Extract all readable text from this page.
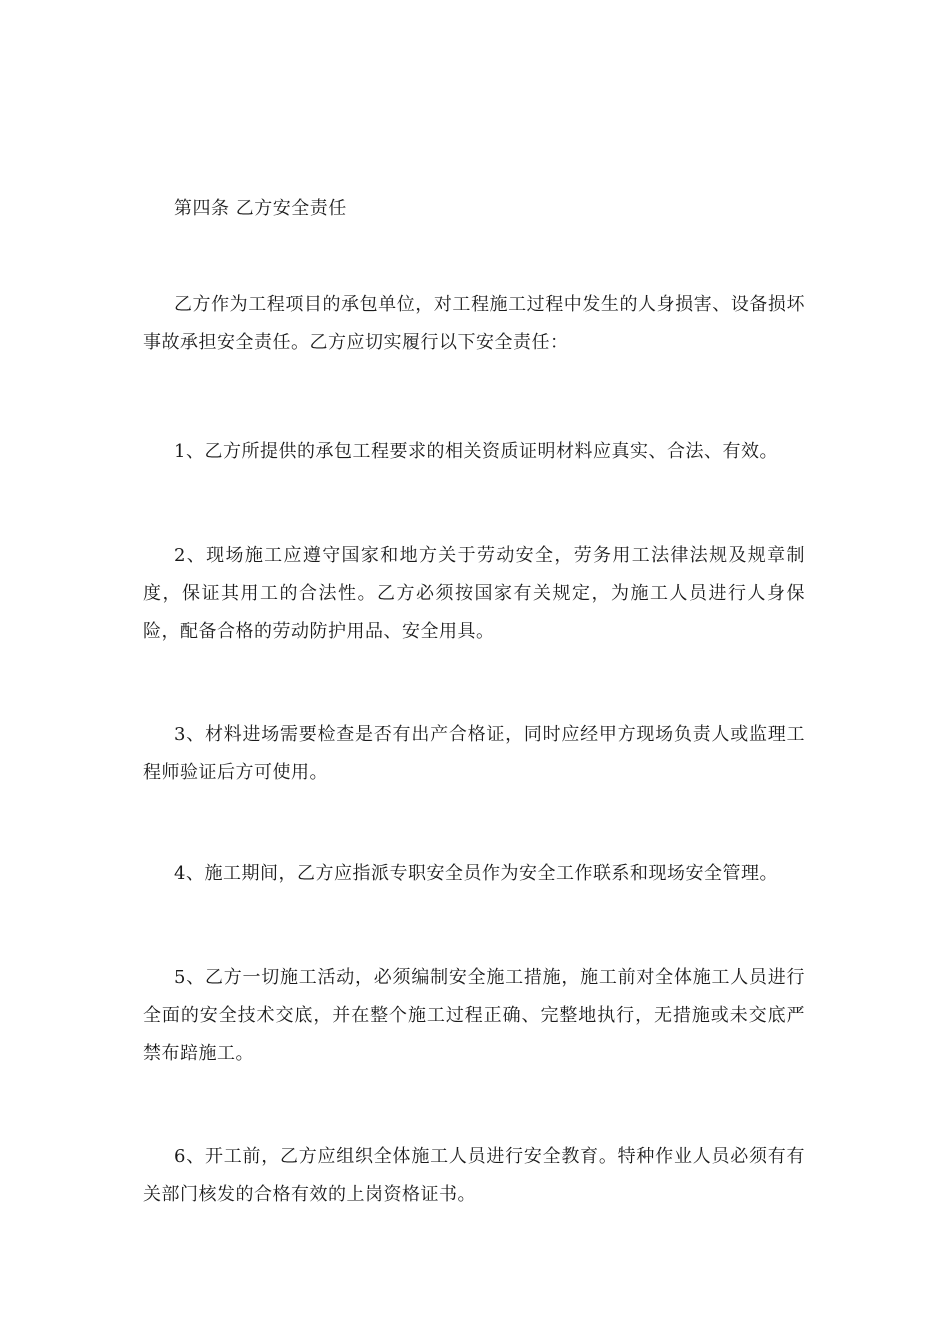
第四条 乙方安全责任

乙方作为工程项目的承包单位，对工程施工过程中发生的人身损害、设备损坏事故承担安全责任。乙方应切实履行以下安全责任：

1、乙方所提供的承包工程要求的相关资质证明材料应真实、合法、有效。

2、现场施工应遵守国家和地方关于劳动安全，劳务用工法律法规及规章制度，保证其用工的合法性。乙方必须按国家有关规定，为施工人员进行人身保险，配备合格的劳动防护用品、安全用具。

3、材料进场需要检查是否有出产合格证，同时应经甲方现场负责人或监理工程师验证后方可使用。

4、施工期间，乙方应指派专职安全员作为安全工作联系和现场安全管理。

5、乙方一切施工活动，必须编制安全施工措施，施工前对全体施工人员进行全面的安全技术交底，并在整个施工过程正确、完整地执行，无措施或未交底严禁布踣施工。

6、开工前，乙方应组织全体施工人员进行安全教育。特种作业人员必须有有关部门核发的合格有效的上岗资格证书。
